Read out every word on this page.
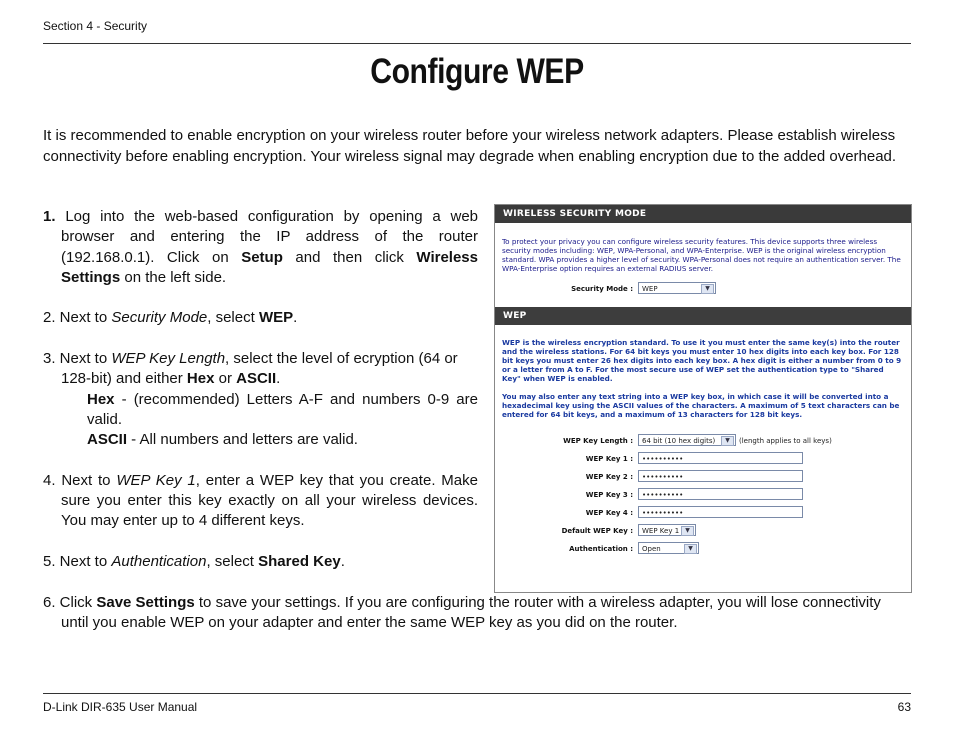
Section 4 - Security
Configure WEP
It is recommended to enable encryption on your wireless router before your wireless network adapters. Please establish wireless connectivity before enabling encryption. Your wireless signal may degrade when enabling encryption due to the added overhead.
1. Log into the web-based configuration by opening a web browser and entering the IP address of the router (192.168.0.1). Click on Setup and then click Wireless Settings on the left side.
2. Next to Security Mode, select WEP.
3. Next to WEP Key Length, select the level of ecryption (64 or 128-bit) and either Hex or ASCII.
Hex - (recommended) Letters A-F and numbers 0-9 are valid.
ASCII - All numbers and letters are valid.
4. Next to WEP Key 1, enter a WEP key that you create. Make sure you enter this key exactly on all your wireless devices. You may enter up to 4 different keys.
5. Next to Authentication, select Shared Key.
6. Click Save Settings to save your settings. If you are configuring the router with a wireless adapter, you will lose connectivity until you enable WEP on your adapter and enter the same WEP key as you did on the router.
WIRELESS SECURITY MODE
To protect your privacy you can configure wireless security features. This device supports three wireless security modes including: WEP, WPA-Personal, and WPA-Enterprise. WEP is the original wireless encryption standard. WPA provides a higher level of security. WPA-Personal does not require an authentication server. The WPA-Enterprise option requires an external RADIUS server.
Security Mode :	WEP	▼
WEP
WEP is the wireless encryption standard. To use it you must enter the same key(s) into the router and the wireless stations. For 64 bit keys you must enter 10 hex digits into each key box. For 128 bit keys you must enter 26 hex digits into each key box. A hex digit is either a number from 0 to 9 or a letter from A to F. For the most secure use of WEP set the authentication type to "Shared Key" when WEP is enabled.
You may also enter any text string into a WEP key box, in which case it will be converted into a hexadecimal key using the ASCII values of the characters. A maximum of 5 text characters can be entered for 64 bit keys, and a maximum of 13 characters for 128 bit keys.
WEP Key Length :	64 bit (10 hex digits)	▼	(length applies to all keys)
WEP Key 1 :	••••••••••
WEP Key 2 :	••••••••••
WEP Key 3 :	••••••••••
WEP Key 4 :	••••••••••
Default WEP Key :	WEP Key 1	▼
Authentication :	Open	▼
D-Link DIR-635 User Manual	63
